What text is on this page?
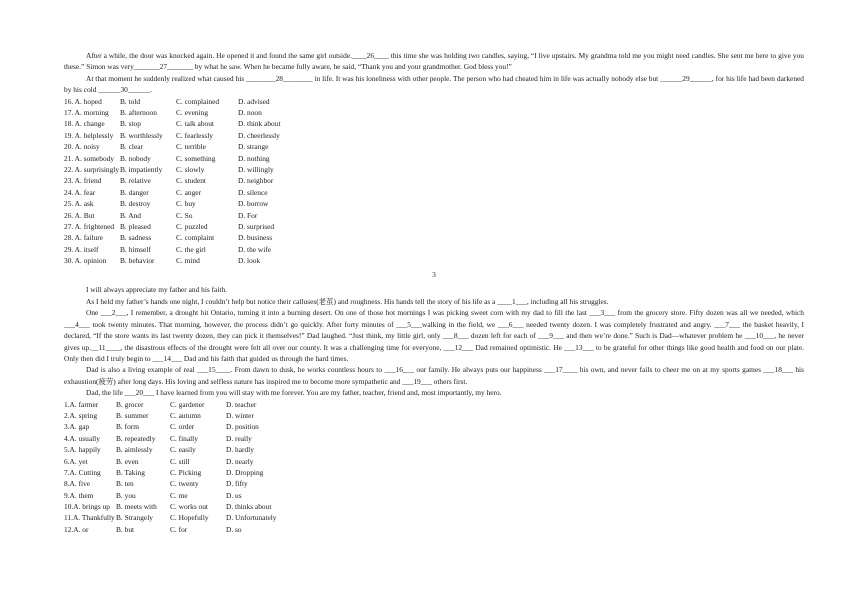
After a while, the door was knocked again. He opened it and found the same girl outside.____26____ this time she was holding two candles, saying, “I live upstairs. My grandma told me you might need candles. She sent me here to give you these.” Simon was very_______27_______ by what he saw. When he became fully aware, he said, “Thank you and your grandmother. God bless you!”

At that moment he suddenly realized what caused his ________28________ in life. It was his loneliness with other people. The person who had cheated him in life was actually nobody else but ______29______, for his life had been darkened by his cold ______30______.

16. A. hoped	B. told	C. complained	D. advised
17. A. morning	B. afternoon	C. evening	D. noon
18. A. change	B. stop	C. talk about	D. think about
19. A. helplessly B. worthlessly	C. fearlessly	D. cheerlessly
20. A. noisy	B. clear	C. terrible	D. strange
21. A. somebody B. nobody	C. something	D. nothing
22. A. surprisingly B. impatiently	C. slowly	D. willingly
23. A. friend	B. relative	C. student	D. neighbor
24. A. fear	B. danger	C. anger	D. silence
25. A. ask	B. destroy	C. buy	D. borrow
26. A. But	B. And	C. So	D. For
27. A. frightened B. pleased	C. puzzled	D. surprised
28. A. failure	B. sadness	C. complaint	D. business
29. A. itself	B. himself	C. the girl	D. the wife
30. A. opinion	B. behavior	C. mind	D. look
3

I will always appreciate my father and his faith.

As I held my father’s hands one night, I couldn’t help but notice their calluses(老茧) and roughness. His hands tell the story of his life as a ____1___, including all his struggles.

One ___2___, I remember, a drought hit Ontario, turning it into a burning desert. On one of those hot mornings I was picking sweet corn with my dad to fill the last ___3___ from the grocery store. Fifty dozen was all we needed, which ___4___ took twenty minutes. That morning, however, the process didn’t go quickly. After forty minutes of ___5___walking in the field, we ___6___ needed twenty dozen. I was completely frustrated and angry. ___7___ the basket heavily, I declared, “If the store wants its last twenty dozen, they can pick it themselves!” Dad laughed. “Just think, my little girl, only ___8___ dozen left for each of ___9___ and then we’re done.” Such is Dad—whatever problem he ___10___, he never gives up.__11____, the disastrous effects of the drought were felt all over our county. It was a challenging time for everyone, ___12___ Dad remained optimistic. He ___13___ to be grateful for other things like good health and food on our plate. Only then did I truly begin to ___14___ Dad and his faith that guided us through the hard times.

Dad is also a living example of real ___15____. From dawn to dusk, he works countless hours to ___16___ our family. He always puts our happiness ___17____ his own, and never fails to cheer me on at my sports games ___18___ his exhaustion(疲劳) after long days. His loving and selfless nature has inspired me to become more sympathetic and ___19___ others first.

Dad, the life ___20___ I have learned from you will stay with me forever. You are my father, teacher, friend and, most importantly, my hero.

1.A. farmer	B. grocer	C. gardener	D. teacher
2.A. spring	B. summer	C. autumn	D. winter
3.A. gap	B. form	C. order	D. position
4.A. usually	B. repeatedly	C. finally	D. really
5.A. happily	B. aimlessly	C. easily	D. hardly
6.A. yet	B. even	C. still	D. nearly
7.A. Cutting	B. Taking	C. Picking	D. Dropping
8.A. five	B. ten	C. twenty	D. fifty
9.A. them	B. you	C. me	D. us
10.A. brings up B. meets with	C. works out	D. thinks about
11.A. Thankfully B. Strangely	C. Hopefully	D. Unfortunately
12.A. or	B. but	C. for	D. so
